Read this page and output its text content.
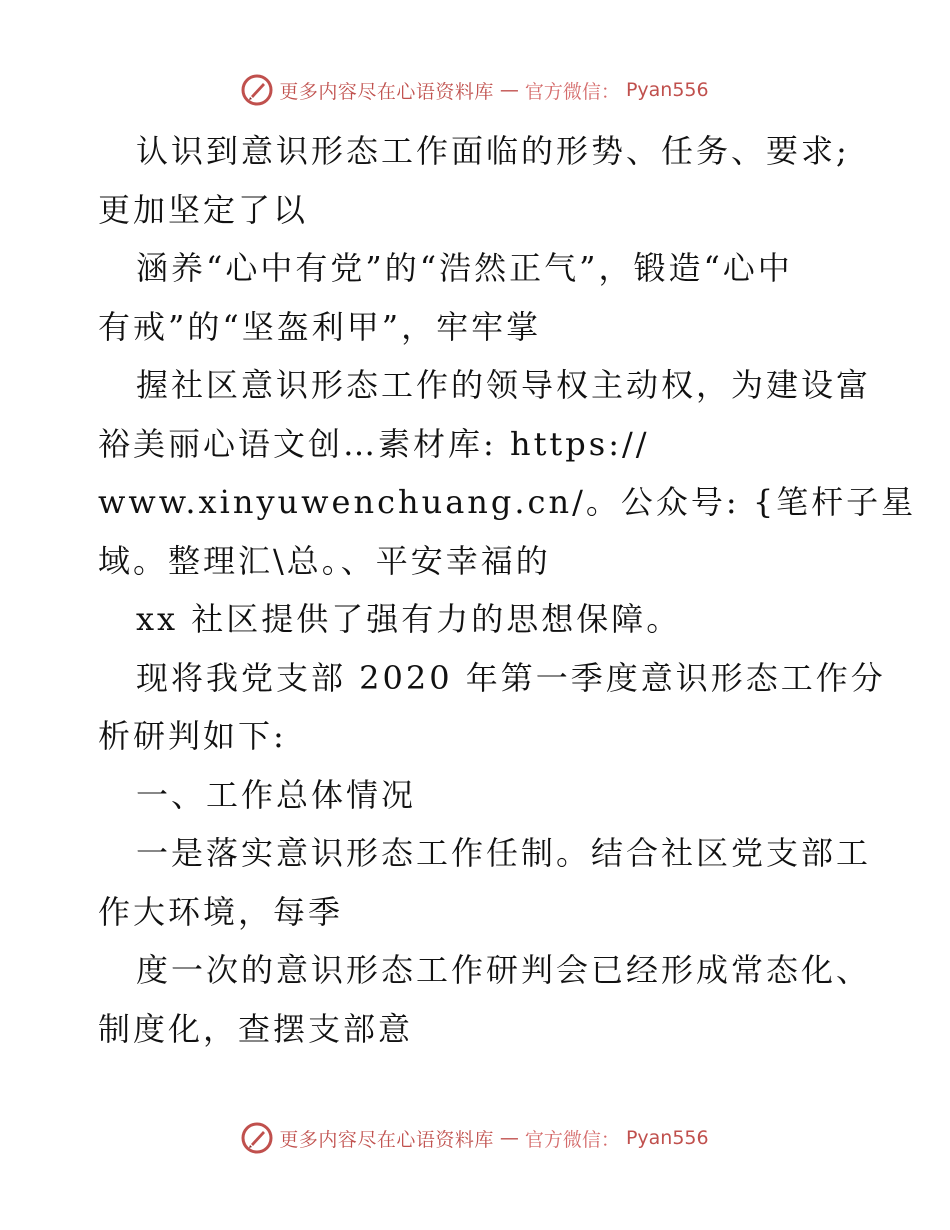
更多内容尽在心语资料库 — 官方微信： Pyan556
认识到意识形态工作面临的形势、任务、要求;
更加坚定了以
涵养“心中有党”的“浩然正气”，锻造“心中
有戒”的“坚盔利甲”，牢牢掌
握社区意识形态工作的领导权主动权，为建设富
裕美丽心语文创…素材库: https://
www.xinyuwenchuang.cn/。公众号: {笔杆子星
域。整理汇\总。、平安幸福的
xx 社区提供了强有力的思想保障。
现将我党支部 2020 年第一季度意识形态工作分
析研判如下:
一、工作总体情况
一是落实意识形态工作任制。结合社区党支部工
作大环境，每季
度一次的意识形态工作研判会已经形成常态化、
制度化，查摆支部意
更多内容尽在心语资料库 — 官方微信： Pyan556
